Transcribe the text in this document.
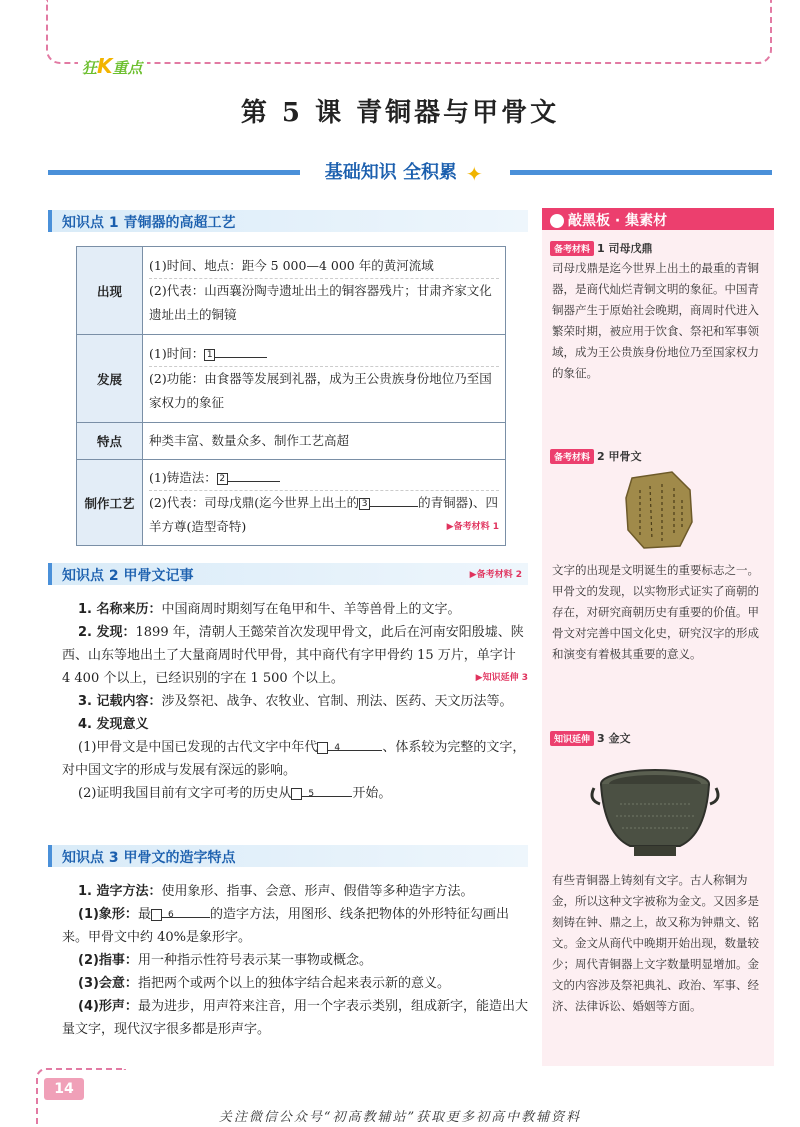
狂K重点
第 5 课 青铜器与甲骨文
基础知识 全积累 ✦
知识点 1 青铜器的高超工艺
出现	(1)时间、地点：距今 5 000—4 000 年的黄河流域
(2)代表：山西襄汾陶寺遗址出土的铜容器残片；甘肃齐家文化遗址出土的铜镜

发展	(1)时间： 1
(2)功能：由食器等发展到礼器，成为王公贵族身份地位乃至国家权力的象征

特点	种类丰富、数量众多、制作工艺高超
制作工艺	(1)铸造法： 2
(2)代表：司母戊鼎(迄今世界上出土的 3 的青铜器)、四羊方尊(造型奇特) ▶备考材料 1
知识点 2 甲骨文记事	▶备考材料 2

1. 名称来历：中国商周时期刻写在龟甲和牛、羊等兽骨上的文字。

2. 发现：1899 年，清朝人王懿荣首次发现甲骨文，此后在河南安阳殷墟、陕西、山东等地出土了大量商周时代甲骨，其中商代有字甲骨约 15 万片，单字计 4 400 个以上，已经识别的字在 1 500 个以上。	▶知识延伸 3

3. 记载内容：涉及祭祀、战争、农牧业、官制、刑法、医药、天文历法等。

4. 发现意义

(1)甲骨文是中国已发现的古代文字中年代 4	、体系较为完整的文字，对中国文字的形成与发展有深远的影响。

(2)证明我国目前有文字可考的历史从 5	开始。

知识点 3 甲骨文的造字特点

1. 造字方法：使用象形、指事、会意、形声、假借等多种造字方法。

(1)象形：最 6	的造字方法，用图形、线条把物体的外形特征勾画出来。甲骨文中约 40%是象形字。

(2)指事：用一种指示性符号表示某一事物或概念。

(3)会意：指把两个或两个以上的独体字结合起来表示新的意义。

(4)形声：最为进步，用声符来注音，用一个字表示类别，组成新字，能造出大量文字，现代汉字很多都是形声字。

敲黑板 · 集素材
备考材料 1 司母戊鼎
司母戊鼎是迄今世界上出土的最重的青铜器，是商代灿烂青铜文明的象征。中国青铜器产生于原始社会晚期，商周时代进入繁荣时期，被应用于饮食、祭祀和军事领域，成为王公贵族身份地位乃至国家权力的象征。
备考材料 2 甲骨文
文字的出现是文明诞生的重要标志之一。甲骨文的发现，以实物形式证实了商朝的存在，对研究商朝历史有重要的价值。甲骨文对完善中国文化史，研究汉字的形成和演变有着极其重要的意义。
知识延伸 3 金文
有些青铜器上铸刻有文字。古人称铜为金，所以这种文字被称为金文。又因多是刻铸在钟、鼎之上，故又称为钟鼎文、铭文。金文从商代中晚期开始出现，数量较少；周代青铜器上文字数量明显增加。金文的内容涉及祭祀典礼、政治、军事、经济、法律诉讼、婚姻等方面。
14
关注微信公众号“初高教辅站”获取更多初高中教辅资料
